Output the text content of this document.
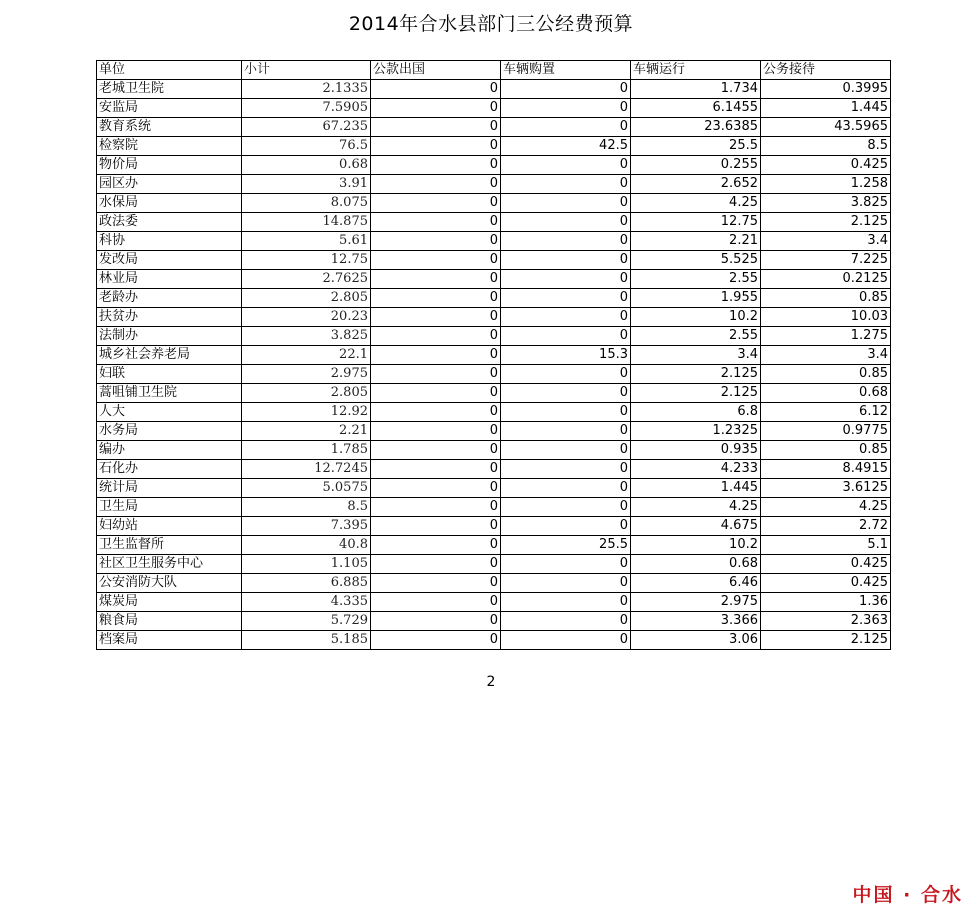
2014年合水县部门三公经费预算
单位	小计	公款出国	车辆购置	车辆运行	公务接待
老城卫生院	2.1335	0	0	1.734	0.3995
安监局	7.5905	0	0	6.1455	1.445
教育系统	67.235	0	0	23.6385	43.5965
检察院	76.5	0	42.5	25.5	8.5
物价局	0.68	0	0	0.255	0.425
园区办	3.91	0	0	2.652	1.258
水保局	8.075	0	0	4.25	3.825
政法委	14.875	0	0	12.75	2.125
科协	5.61	0	0	2.21	3.4
发改局	12.75	0	0	5.525	7.225
林业局	2.7625	0	0	2.55	0.2125
老龄办	2.805	0	0	1.955	0.85
扶贫办	20.23	0	0	10.2	10.03
法制办	3.825	0	0	2.55	1.275
城乡社会养老局	22.1	0	15.3	3.4	3.4
妇联	2.975	0	0	2.125	0.85
蒿咀铺卫生院	2.805	0	0	2.125	0.68
人大	12.92	0	0	6.8	6.12
水务局	2.21	0	0	1.2325	0.9775
编办	1.785	0	0	0.935	0.85
石化办	12.7245	0	0	4.233	8.4915
统计局	5.0575	0	0	1.445	3.6125
卫生局	8.5	0	0	4.25	4.25
妇幼站	7.395	0	0	4.675	2.72
卫生监督所	40.8	0	25.5	10.2	5.1
社区卫生服务中心	1.105	0	0	0.68	0.425
公安消防大队	6.885	0	0	6.46	0.425
煤炭局	4.335	0	0	2.975	1.36
粮食局	5.729	0	0	3.366	2.363
档案局	5.185	0	0	3.06	2.125
2
中国 · 合水
